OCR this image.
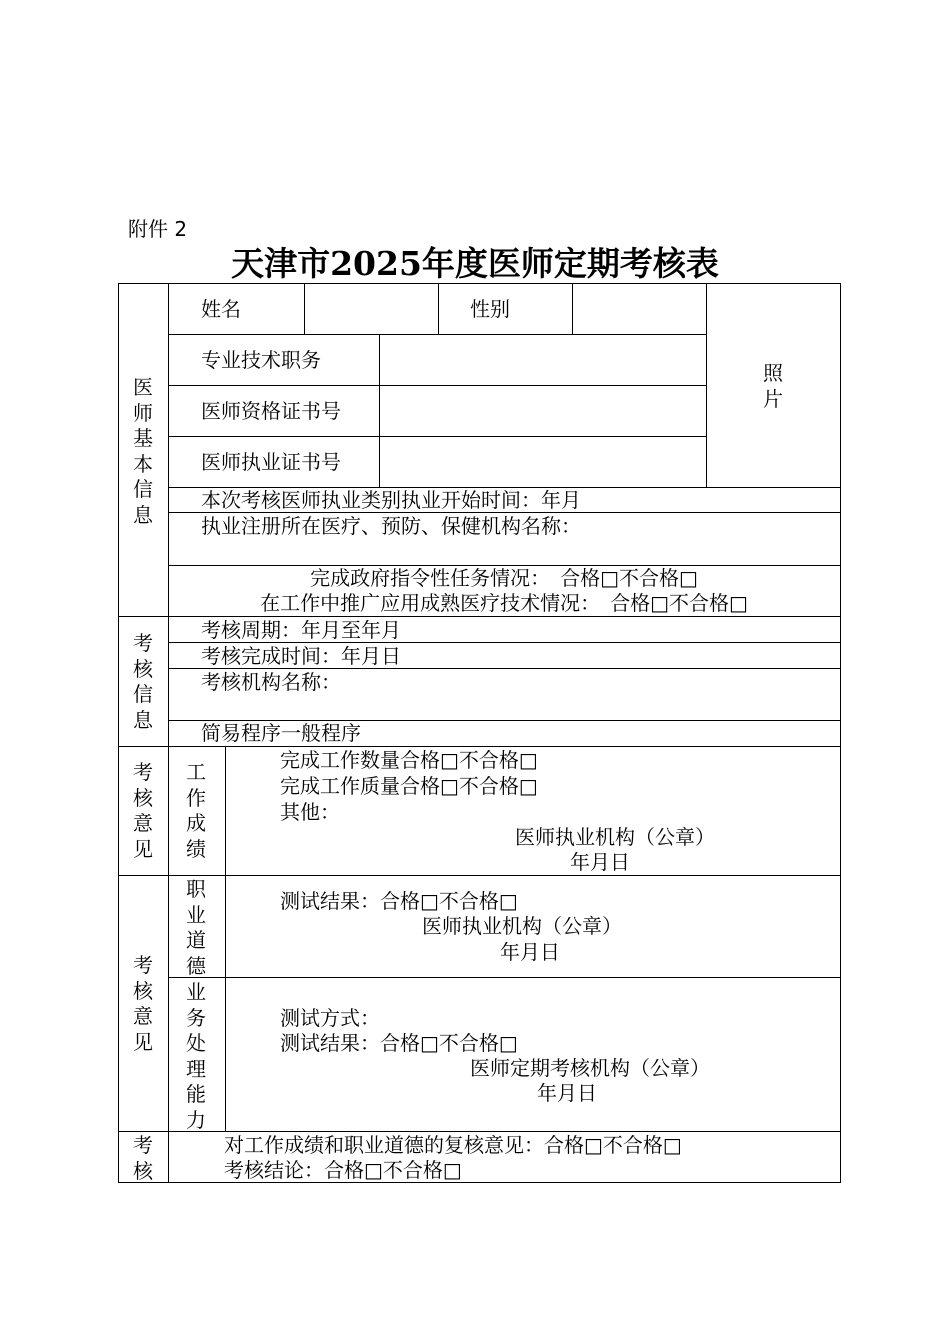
附件 2
天津市2025年度医师定期考核表
医
师
基
本
信
息
姓名	性别
照
片
专业技术职务
医师资格证书号
医师执业证书号
本次考核医师执业类别执业开始时间：年月
执业注册所在医疗、预防、保健机构名称：
完成政府指令性任务情况：　合格□不合格□
在工作中推广应用成熟医疗技术情况：　合格□不合格□
考
核
信
息
考核周期：年月至年月
考核完成时间：年月日
考核机构名称：
简易程序一般程序
考
核
意
见
工
作
成
绩
完成工作数量合格□不合格□
完成工作质量合格□不合格□
其他：
医师执业机构（公章）
年月日
考
核
意
见
职
业
道
德
测试结果：合格□不合格□
医师执业机构（公章）
年月日
业
务
处
理
能
力
测试方式：
测试结果：合格□不合格□
医师定期考核机构（公章）
年月日
考
核
对工作成绩和职业道德的复核意见：合格□不合格□
考核结论：合格□不合格□
